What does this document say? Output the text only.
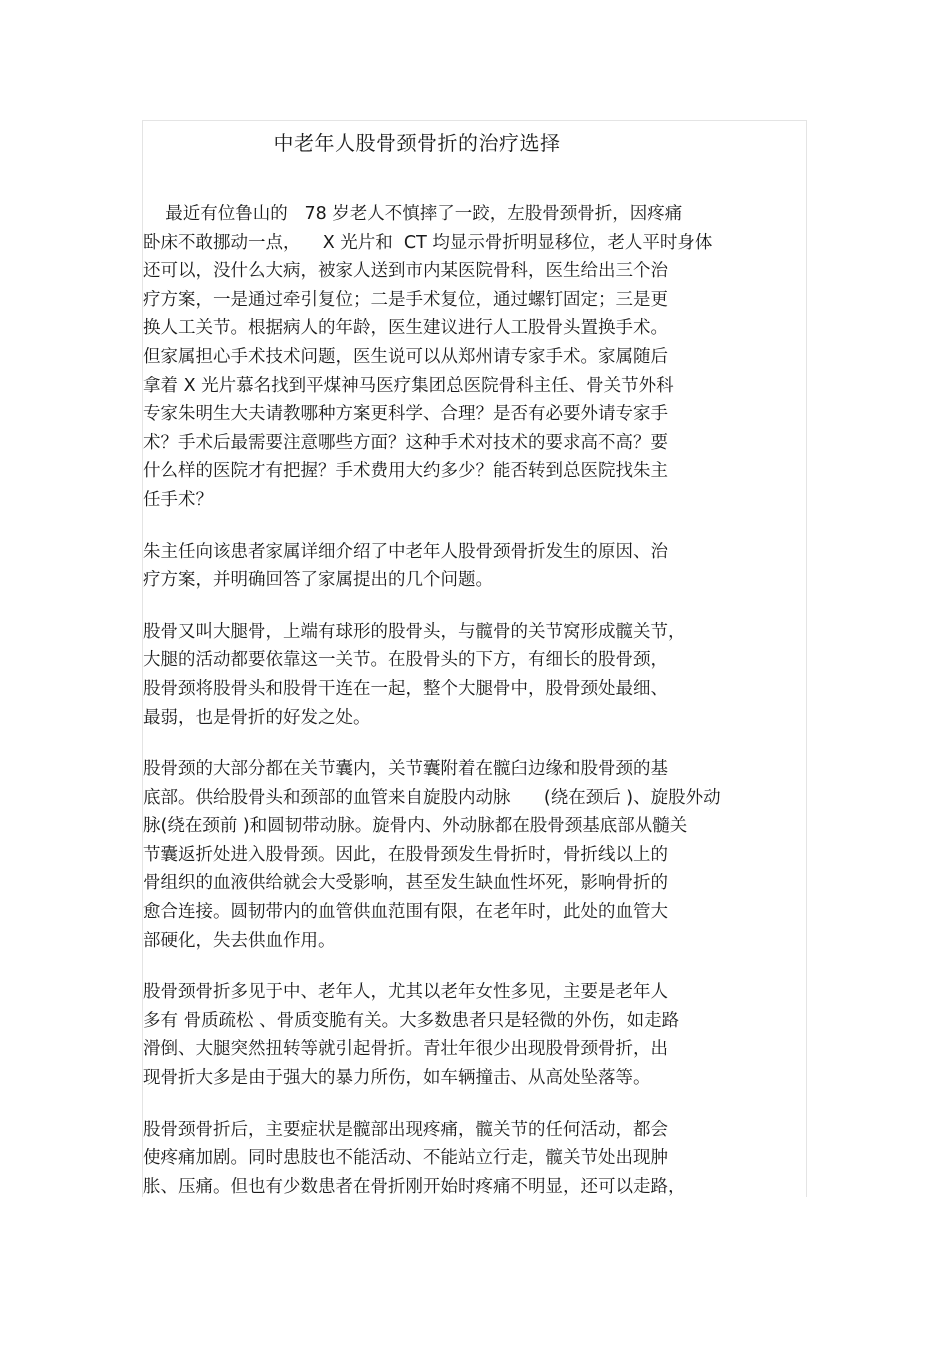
中老年人股骨颈骨折的治疗选择

最近有位鲁山的   78 岁老人不慎摔了一跤，左股骨颈骨折，因疼痛
卧床不敢挪动一点，    X 光片和  CT 均显示骨折明显移位，老人平时身体
还可以，没什么大病，被家人送到市内某医院骨科，医生给出三个治
疗方案，一是通过牵引复位；二是手术复位，通过螺钉固定；三是更
换人工关节。根据病人的年龄，医生建议进行人工股骨头置换手术。
但家属担心手术技术问题，医生说可以从郑州请专家手术。家属随后
拿着 X 光片慕名找到平煤神马医疗集团总医院骨科主任、骨关节外科
专家朱明生大夫请教哪种方案更科学、合理？是否有必要外请专家手
术？手术后最需要注意哪些方面？这种手术对技术的要求高不高？要
什么样的医院才有把握？手术费用大约多少？能否转到总医院找朱主
任手术？

朱主任向该患者家属详细介绍了中老年人股骨颈骨折发生的原因、治
疗方案，并明确回答了家属提出的几个问题。

股骨又叫大腿骨，上端有球形的股骨头，与髋骨的关节窝形成髋关节，
大腿的活动都要依靠这一关节。在股骨头的下方，有细长的股骨颈，
股骨颈将股骨头和股骨干连在一起，整个大腿骨中，股骨颈处最细、
最弱，也是骨折的好发之处。

股骨颈的大部分都在关节囊内，关节囊附着在髋臼边缘和股骨颈的基
底部。供给股骨头和颈部的血管来自旋股内动脉      (绕在颈后 )、旋股外动
脉(绕在颈前 )和圆韧带动脉。旋骨内、外动脉都在股骨颈基底部从髓关
节囊返折处进入股骨颈。因此，在股骨颈发生骨折时，骨折线以上的
骨组织的血液供给就会大受影响，甚至发生缺血性坏死，影响骨折的
愈合连接。圆韧带内的血管供血范围有限，在老年时，此处的血管大
部硬化，失去供血作用。

股骨颈骨折多见于中、老年人，尤其以老年女性多见，主要是老年人
多有 骨质疏松 、骨质变脆有关。大多数患者只是轻微的外伤，如走路
滑倒、大腿突然扭转等就引起骨折。青壮年很少出现股骨颈骨折，出
现骨折大多是由于强大的暴力所伤，如车辆撞击、从高处坠落等。

股骨颈骨折后，主要症状是髋部出现疼痛，髋关节的任何活动，都会
使疼痛加剧。同时患肢也不能活动、不能站立行走，髋关节处出现肿
胀、压痛。但也有少数患者在骨折刚开始时疼痛不明显，还可以走路，
